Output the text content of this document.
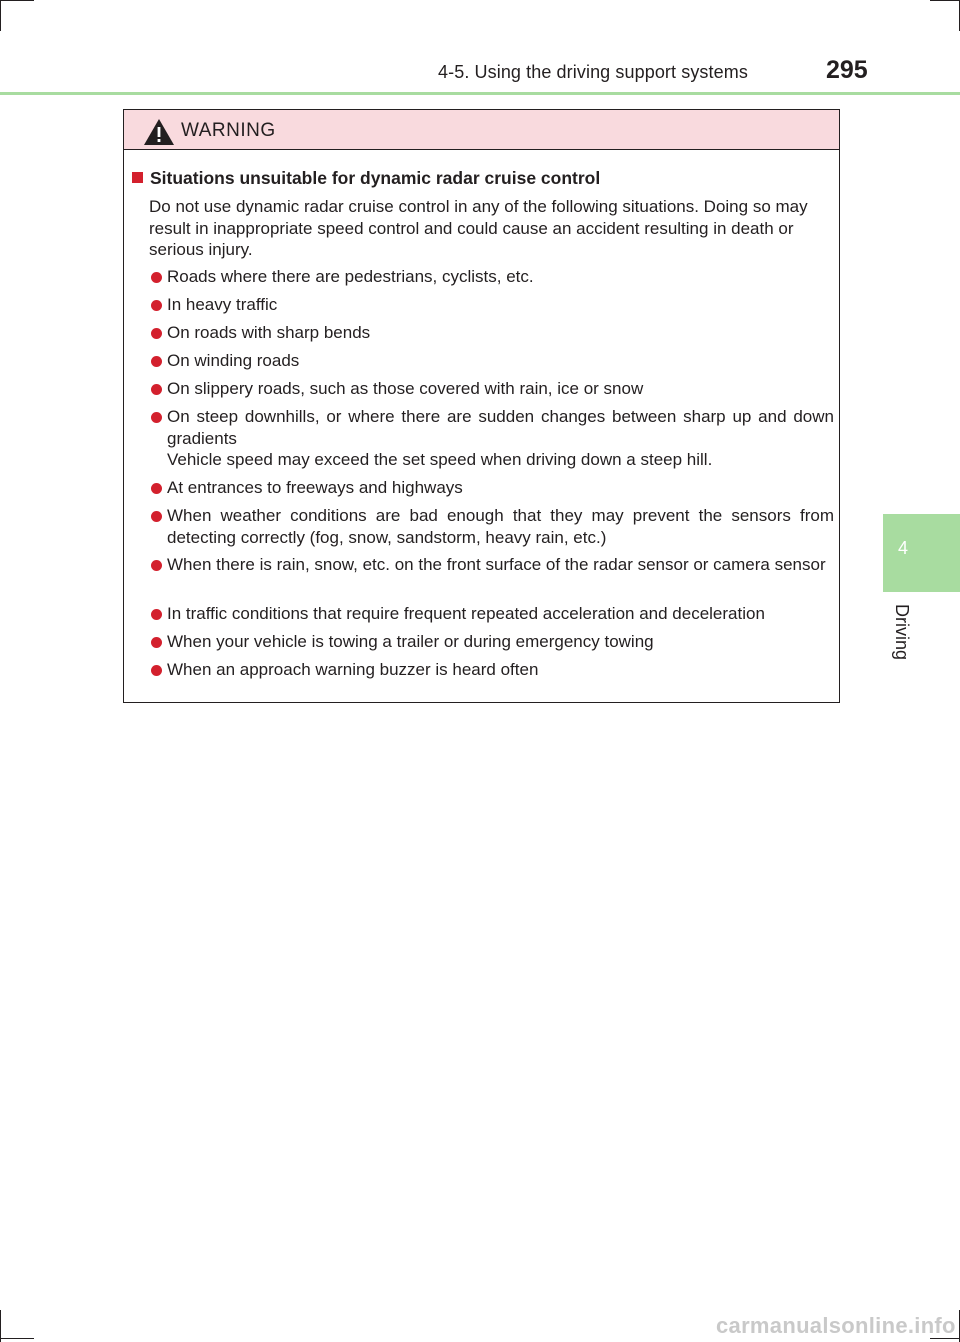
4-5. Using the driving support systems	295
4
Driving
WARNING
Situations unsuitable for dynamic radar cruise control
Do not use dynamic radar cruise control in any of the following situations. Doing so may result in inappropriate speed control and could cause an accident resulting in death or serious injury.
Roads where there are pedestrians, cyclists, etc.
In heavy traffic
On roads with sharp bends
On winding roads
On slippery roads, such as those covered with rain, ice or snow
On steep downhills, or where there are sudden changes between sharp up and down gradients
Vehicle speed may exceed the set speed when driving down a steep hill.
At entrances to freeways and highways
When weather conditions are bad enough that they may prevent the sensors from detecting correctly (fog, snow, sandstorm, heavy rain, etc.)
When there is rain, snow, etc. on the front surface of the radar sensor or camera sensor
In traffic conditions that require frequent repeated acceleration and deceleration
When your vehicle is towing a trailer or during emergency towing
When an approach warning buzzer is heard often
carmanualsonline.info
